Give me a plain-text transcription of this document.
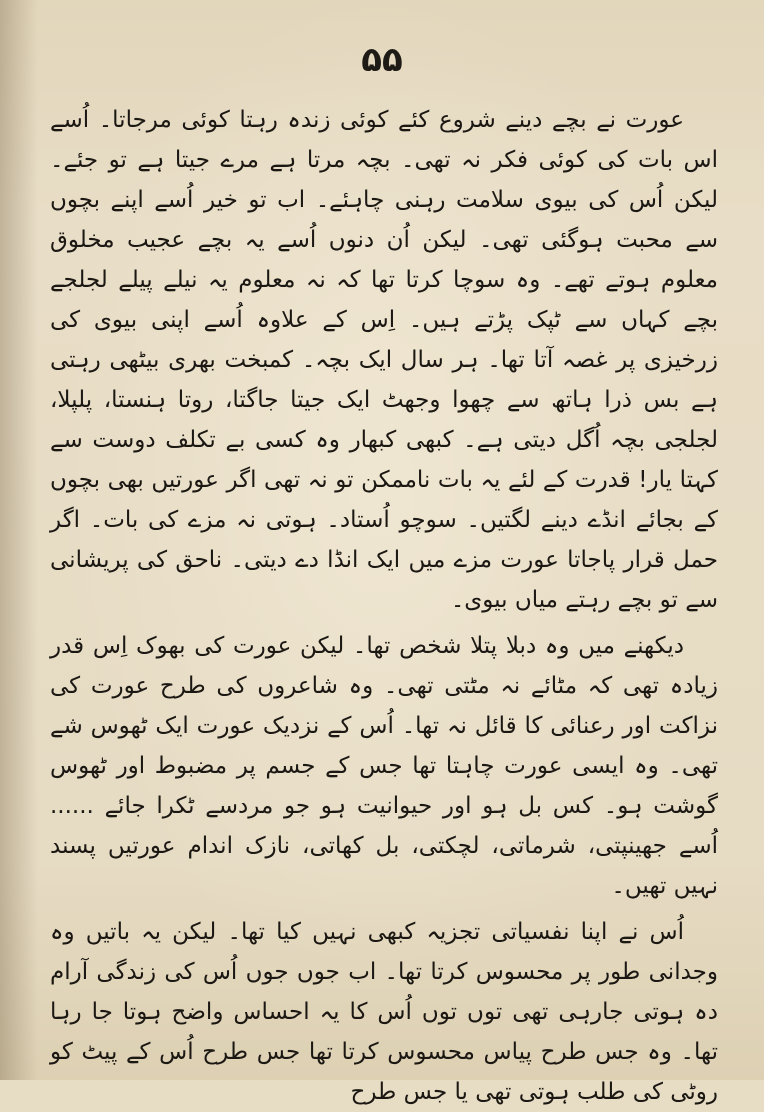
۵۵

عورت نے بچے دینے شروع کئے کوئی زندہ رہتا کوئی مرجاتا۔ اُسے اس بات کی کوئی فکر نہ تھی۔ بچہ مرتا ہے مرے جیتا ہے تو جئے۔ لیکن اُس کی بیوی سلامت رہنی چاہئے۔ اب تو خیر اُسے اپنے بچوں سے محبت ہوگئی تھی۔ لیکن اُن دنوں اُسے یہ بچے عجیب مخلوق معلوم ہوتے تھے۔ وہ سوچا کرتا تھا کہ نہ معلوم یہ نیلے پیلے لجلجے بچے کہاں سے ٹپک پڑتے ہیں۔ اِس کے علاوہ اُسے اپنی بیوی کی زرخیزی پر غصہ آتا تھا۔ ہر سال ایک بچہ۔ کمبخت بھری بیٹھی رہتی ہے بس ذرا ہاتھ سے چھوا وجھٹ ایک جیتا جاگتا، روتا ہنستا، پلپلا، لجلجی بچہ اُگل دیتی ہے۔ کبھی کبھار وہ کسی بے تکلف دوست سے کہتا یار! قدرت کے لئے یہ بات ناممکن تو نہ تھی اگر عورتیں بھی بچوں کے بجائے انڈے دینے لگتیں۔ سوچو اُستاد۔ ہوتی نہ مزے کی بات۔ اگر حمل قرار پاجاتا عورت مزے میں ایک انڈا دے دیتی۔ ناحق کی پریشانی سے تو بچے رہتے میاں بیوی۔

دیکھنے میں وہ دبلا پتلا شخص تھا۔ لیکن عورت کی بھوک اِس قدر زیادہ تھی کہ مٹائے نہ مٹتی تھی۔ وہ شاعروں کی طرح عورت کی نزاکت اور رعنائی کا قائل نہ تھا۔ اُس کے نزدیک عورت ایک ٹھوس شے تھی۔ وہ ایسی عورت چاہتا تھا جس کے جسم پر مضبوط اور ٹھوس گوشت ہو۔ کس بل ہو اور حیوانیت ہو جو مردسے ٹکرا جائے ...... اُسے جھینپتی، شرماتی، لچکتی، بل کھاتی، نازک اندام عورتیں پسند نہیں تھیں۔

اُس نے اپنا نفسیاتی تجزیہ کبھی نہیں کیا تھا۔ لیکن یہ باتیں وہ وجدانی طور پر محسوس کرتا تھا۔ اب جوں جوں اُس کی زندگی آرام دہ ہوتی جارہی تھی توں توں اُس کا یہ احساس واضح ہوتا جا رہا تھا۔ وہ جس طرح پیاس محسوس کرتا تھا جس طرح اُس کے پیٹ کو روٹی کی طلب ہوتی تھی یا جس طرح
